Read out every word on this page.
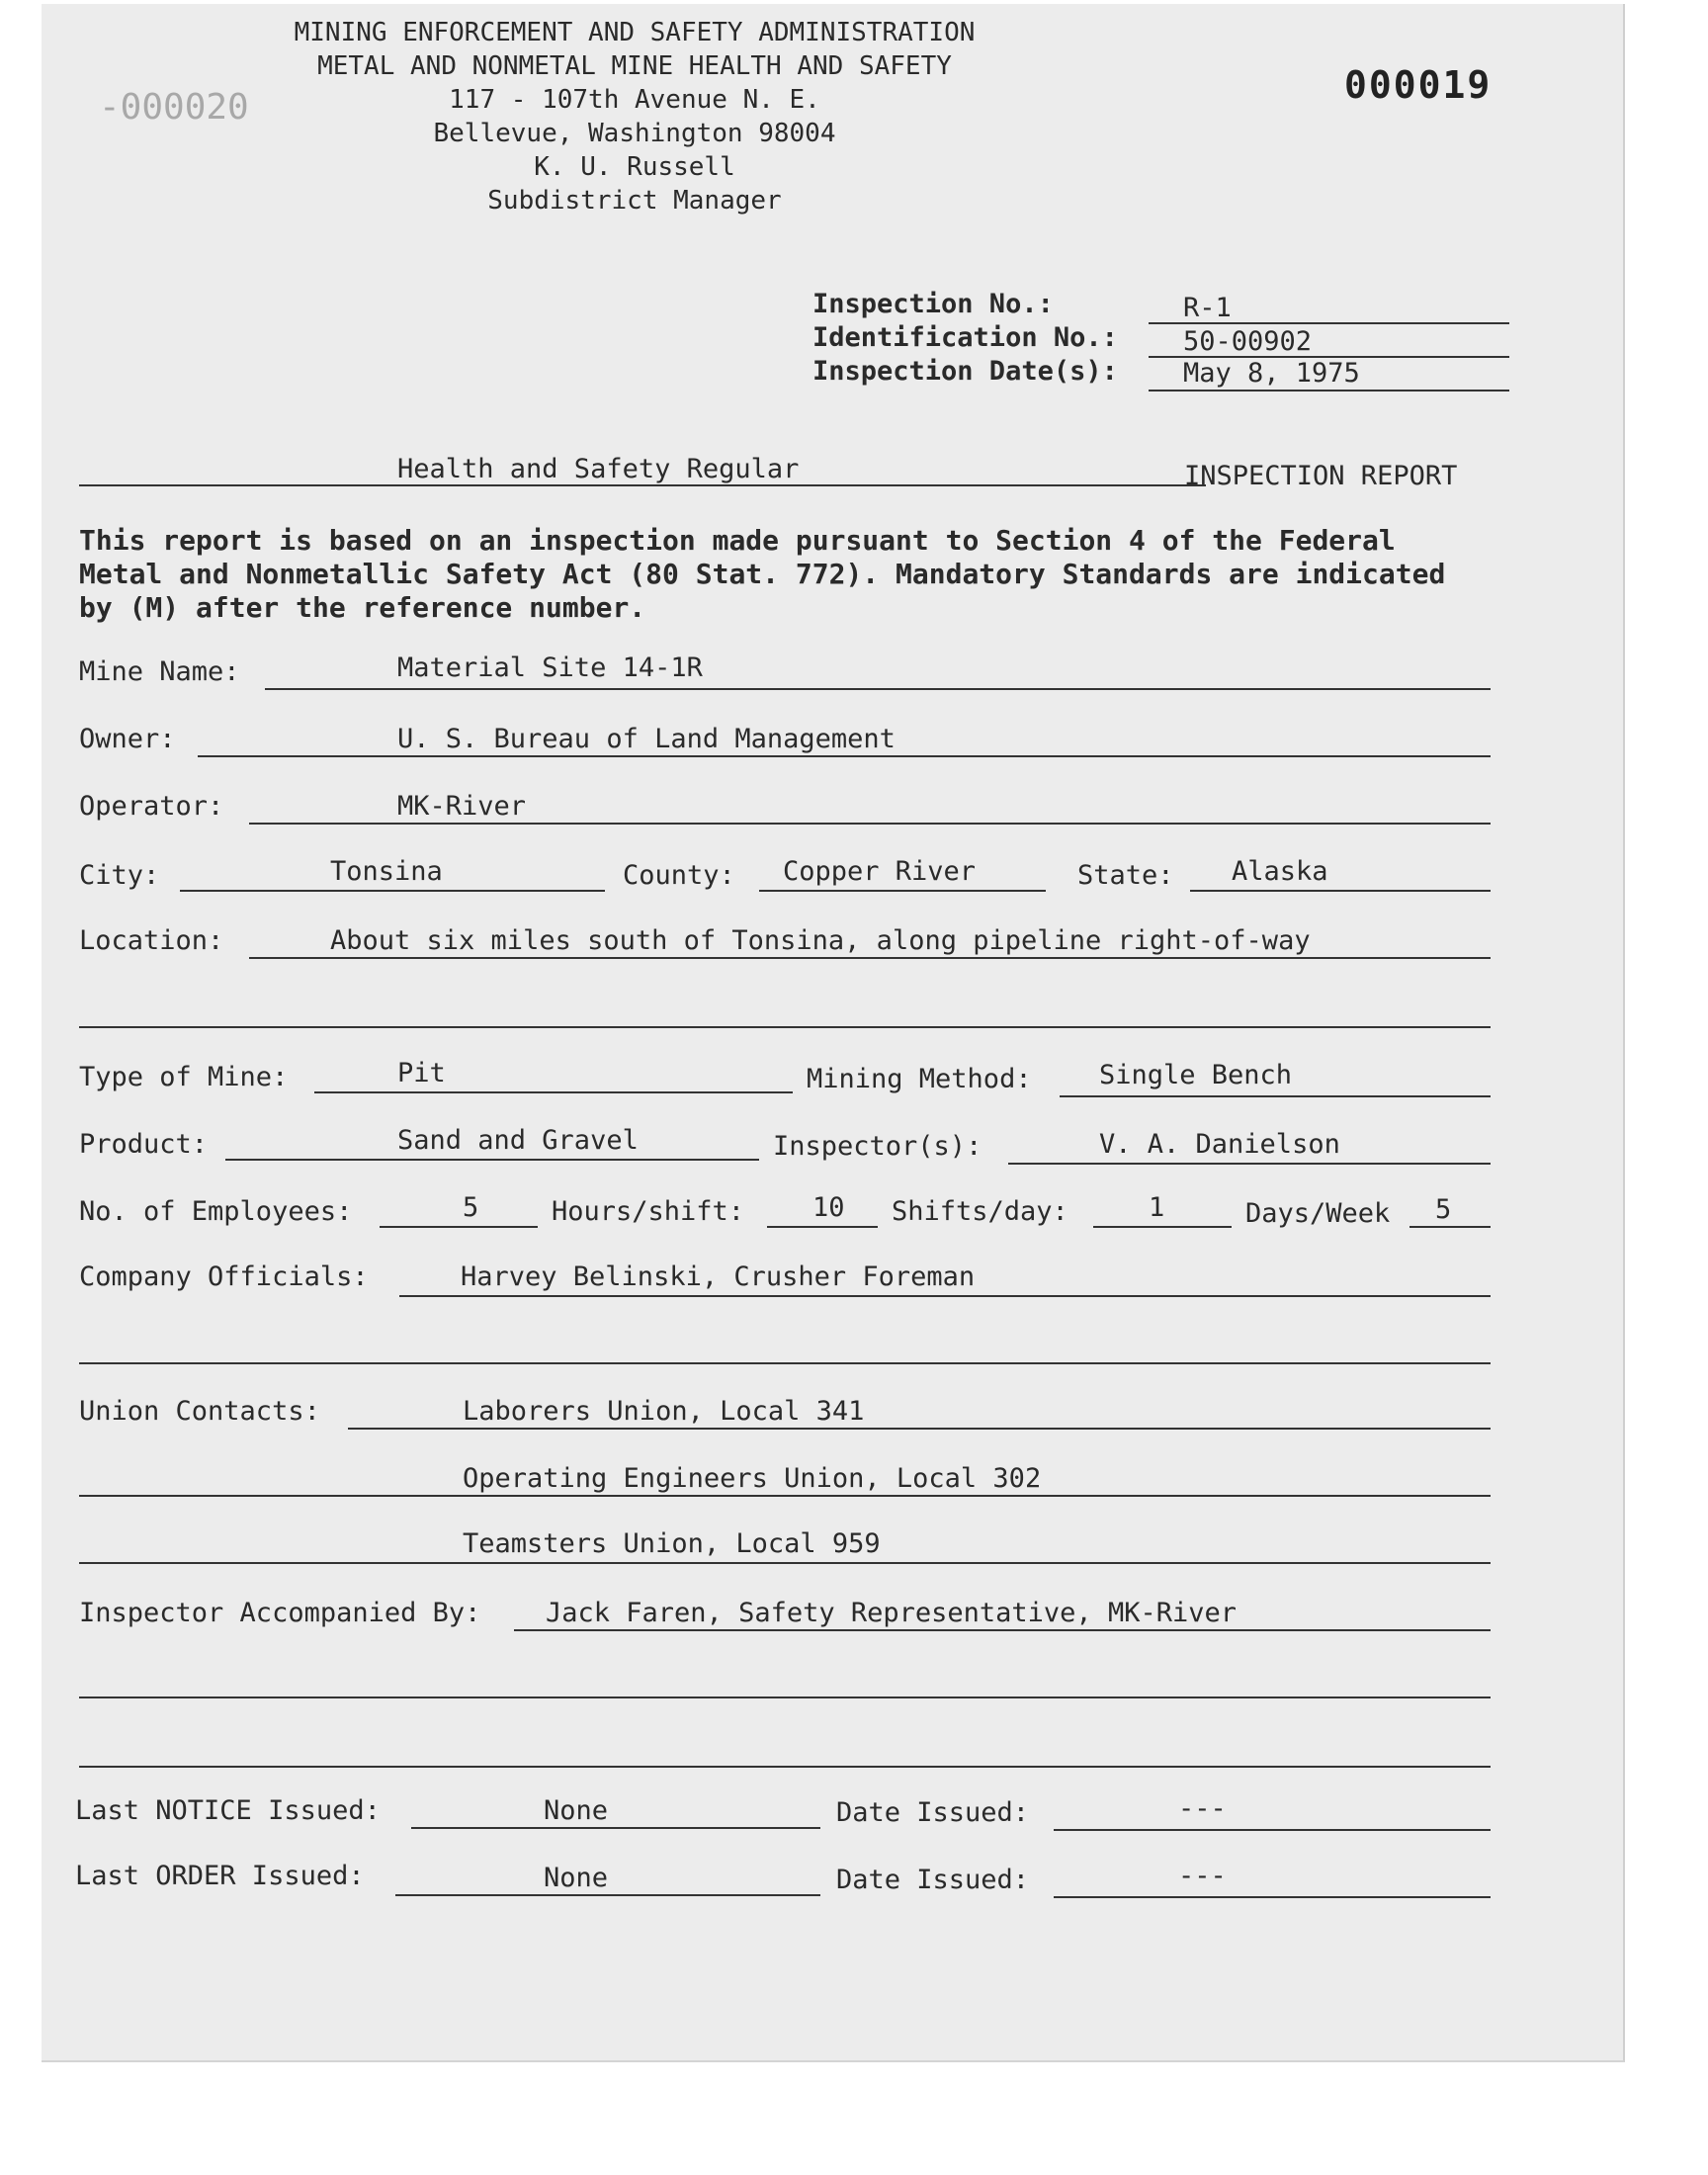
MINING ENFORCEMENT AND SAFETY ADMINISTRATION
METAL AND NONMETAL MINE HEALTH AND SAFETY
117 - 107th Avenue N. E.
Bellevue, Washington 98004
K. U. Russell
Subdistrict Manager
000019
-000020
Inspection No.:	R-1
Identification No.: 50-00902
Inspection Date(s): May 8, 1975
Health and Safety Regular	INSPECTION REPORT
This report is based on an inspection made pursuant to Section 4 of the Federal
Metal and Nonmetallic Safety Act (80 Stat. 772). Mandatory Standards are indicated
by (M) after the reference number.
Mine Name:	Material Site 14-1R
Owner:	U. S. Bureau of Land Management
Operator:	MK-River
City:	Tonsina	County: Copper River	State: Alaska
Location:	About six miles south of Tonsina, along pipeline right-of-way
Type of Mine:	Pit	Mining Method:	Single Bench
Product:	Sand and Gravel	Inspector(s):	V. A. Danielson
No. of Employees:	5	Hours/shift:	10 Shifts/day:	1	Days/Week 5
Company Officials:	Harvey Belinski, Crusher Foreman
Union Contacts:	Laborers Union, Local 341
Operating Engineers Union, Local 302
Teamsters Union, Local 959
Inspector Accompanied By: Jack Faren, Safety Representative, MK-River
Last NOTICE Issued:	None	Date Issued:	---
Last ORDER Issued:	None	Date Issued:	---
